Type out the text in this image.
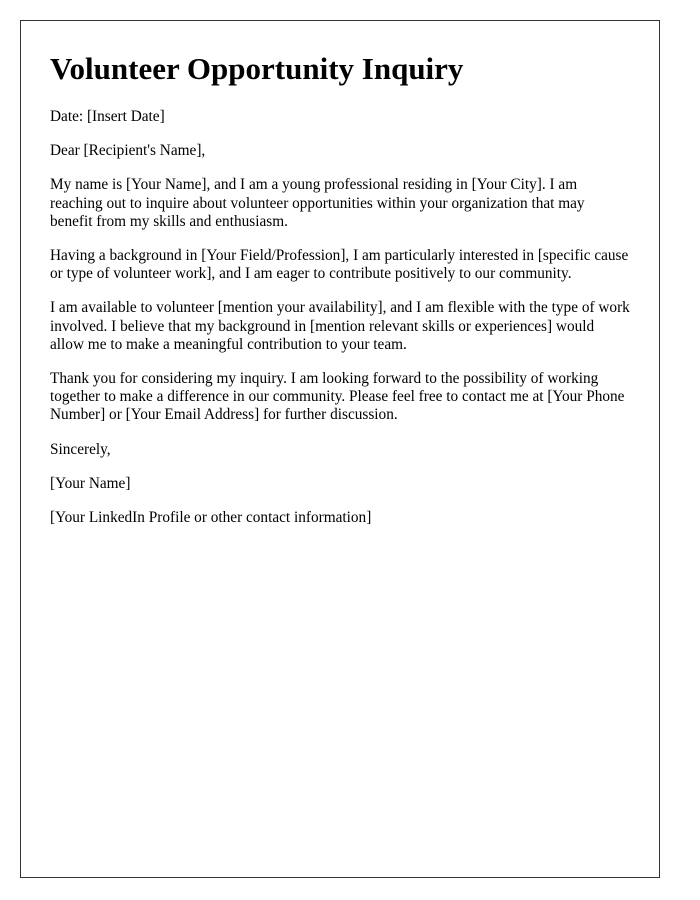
Volunteer Opportunity Inquiry

Date: [Insert Date]

Dear [Recipient's Name],

My name is [Your Name], and I am a young professional residing in [Your City]. I am reaching out to inquire about volunteer opportunities within your organization that may benefit from my skills and enthusiasm.

Having a background in [Your Field/Profession], I am particularly interested in [specific cause or type of volunteer work], and I am eager to contribute positively to our community.

I am available to volunteer [mention your availability], and I am flexible with the type of work involved. I believe that my background in [mention relevant skills or experiences] would allow me to make a meaningful contribution to your team.

Thank you for considering my inquiry. I am looking forward to the possibility of working together to make a difference in our community. Please feel free to contact me at [Your Phone Number] or [Your Email Address] for further discussion.

Sincerely,

[Your Name]

[Your LinkedIn Profile or other contact information]
